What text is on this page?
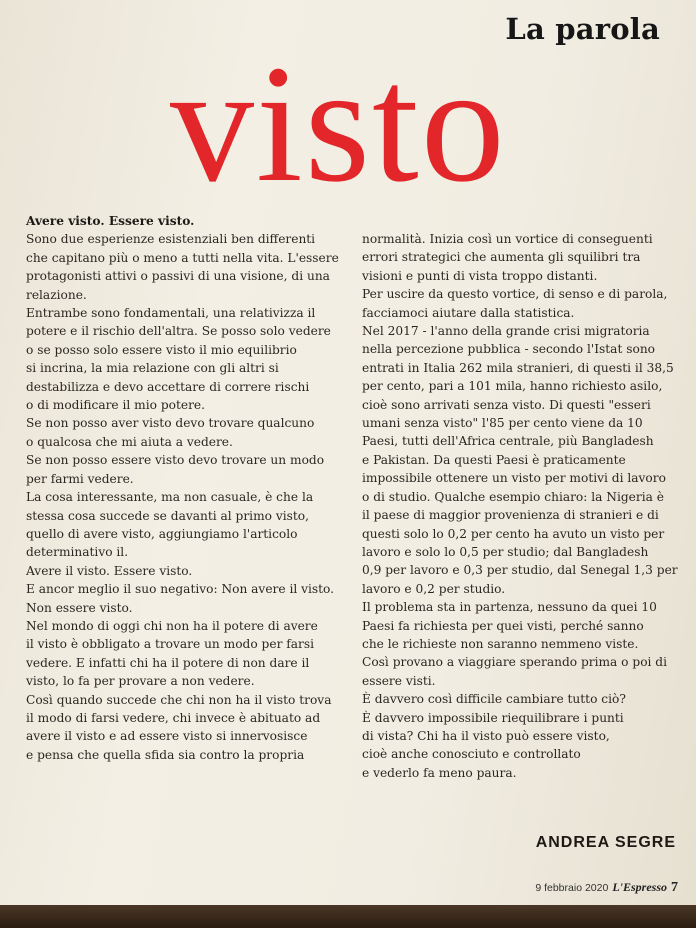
La parola
visto

Avere visto. Essere visto.

Sono due esperienze esistenziali ben differenti

che capitano più o meno a tutti nella vita. L'essere

protagonisti attivi o passivi di una visione, di una

relazione.

Entrambe sono fondamentali, una relativizza il

potere e il rischio dell'altra. Se posso solo vedere

o se posso solo essere visto il mio equilibrio

si incrina, la mia relazione con gli altri si

destabilizza e devo accettare di correre rischi

o di modificare il mio potere.

Se non posso aver visto devo trovare qualcuno

o qualcosa che mi aiuta a vedere.

Se non posso essere visto devo trovare un modo

per farmi vedere.

La cosa interessante, ma non casuale, è che la

stessa cosa succede se davanti al primo visto,

quello di avere visto, aggiungiamo l'articolo

determinativo il.

Avere il visto. Essere visto.

E ancor meglio il suo negativo: Non avere il visto.

Non essere visto.

Nel mondo di oggi chi non ha il potere di avere

il visto è obbligato a trovare un modo per farsi

vedere. E infatti chi ha il potere di non dare il

visto, lo fa per provare a non vedere.

Così quando succede che chi non ha il visto trova

il modo di farsi vedere, chi invece è abituato ad

avere il visto e ad essere visto si innervosisce

e pensa che quella sfida sia contro la propria

normalità. Inizia così un vortice di conseguenti

errori strategici che aumenta gli squilibri tra

visioni e punti di vista troppo distanti.

Per uscire da questo vortice, di senso e di parola,

facciamoci aiutare dalla statistica.

Nel 2017 - l'anno della grande crisi migratoria

nella percezione pubblica - secondo l'Istat sono

entrati in Italia 262 mila stranieri, di questi il 38,5

per cento, pari a 101 mila, hanno richiesto asilo,

cioè sono arrivati senza visto. Di questi "esseri

umani senza visto" l'85 per cento viene da 10

Paesi, tutti dell'Africa centrale, più Bangladesh

e Pakistan. Da questi Paesi è praticamente

impossibile ottenere un visto per motivi di lavoro

o di studio. Qualche esempio chiaro: la Nigeria è

il paese di maggior provenienza di stranieri e di

questi solo lo 0,2 per cento ha avuto un visto per

lavoro e solo lo 0,5 per studio; dal Bangladesh

0,9 per lavoro e 0,3 per studio, dal Senegal 1,3 per

lavoro e 0,2 per studio.

Il problema sta in partenza, nessuno da quei 10

Paesi fa richiesta per quei visti, perché sanno

che le richieste non saranno nemmeno viste.

Così provano a viaggiare sperando prima o poi di

essere visti.

È davvero così difficile cambiare tutto ciò?

È davvero impossibile riequilibrare i punti

di vista? Chi ha il visto può essere visto,

cioè anche conosciuto e controllato

e vederlo fa meno paura.

ANDREA SEGRE
9 febbraio 2020 L'Espresso 7
